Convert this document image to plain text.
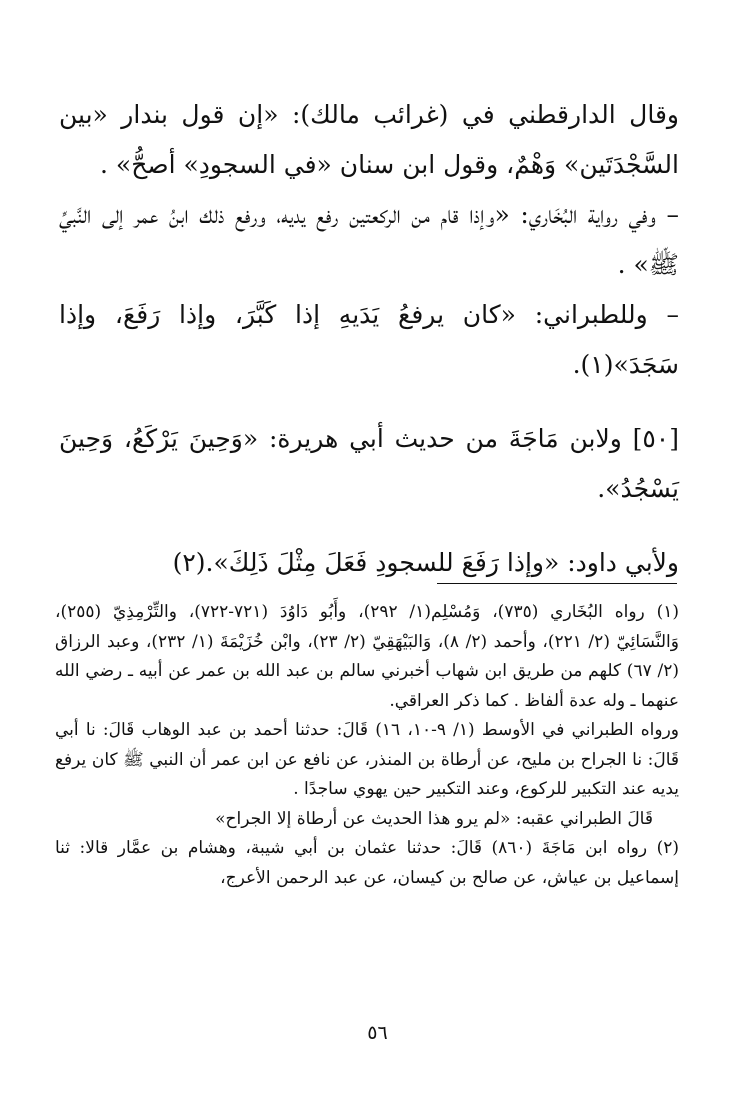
وقال الدارقطني في (غرائب مالك): «إن قول بندار «بين السَّجْدَتَين» وَهْمٌ، وقول ابن سنان «في السجودِ» أصحُّ» .

– وفي رواية البُخَاري: «وإذا قام من الركعتين رفع يديه، ورفع ذلك ابنُ عمر إلى النَّبيِّ ﷺ» .

– وللطبراني: «كان يرفعُ يَدَيهِ إذا كَبَّرَ، وإذا رَفَعَ، وإذا سَجَدَ»(١).

[٥٠] ولابن مَاجَةَ من حديث أبي هريرة: «وَحِينَ يَرْكَعُ، وَحِينَ يَسْجُدُ».

ولأبي داود: «وإذا رَفَعَ للسجودِ فَعَلَ مِثْلَ ذَلِكَ».(٢)

(١) رواه البُخَاري (٧٣٥)، وَمُسْلِم(١/ ٢٩٢)، وأَبُو دَاوُدَ (٧٢١-٧٢٢)، والتِّرْمِذِيّ (٢٥٥)، وَالنَّسَائِيّ (٢/ ٢٢١)، وأحمد (٢/ ٨)، وَالبَيْهَقِيّ (٢/ ٢٣)، وابْن خُزَيْمَةَ (١/ ٢٣٢)، وعبد الرزاق (٢/ ٦٧) كلهم من طريق ابن شهاب أخبرني سالم بن عبد الله بن عمر عن أبيه ـ رضي الله عنهما ـ وله عدة ألفاظ . كما ذكر العراقي.

ورواه الطبراني في الأوسط (١/ ٩-١٠، ١٦) قَالَ: حدثنا أحمد بن عبد الوهاب قَالَ: نا أبي قَالَ: نا الجراح بن مليح، عن أرطاة بن المنذر، عن نافع عن ابن عمر أن النبي ﷺ كان يرفع يديه عند التكبير للركوع، وعند التكبير حين يهوي ساجدًا .

قَالَ الطبراني عقبه: «لم يرو هذا الحديث عن أرطاة إلا الجراح»

(٢) رواه ابن مَاجَةَ (٨٦٠) قَالَ: حدثنا عثمان بن أبي شيبة، وهشام بن عمَّار قالا: ثنا إسماعيل بن عياش، عن صالح بن كيسان، عن عبد الرحمن الأعرج،

٥٦
